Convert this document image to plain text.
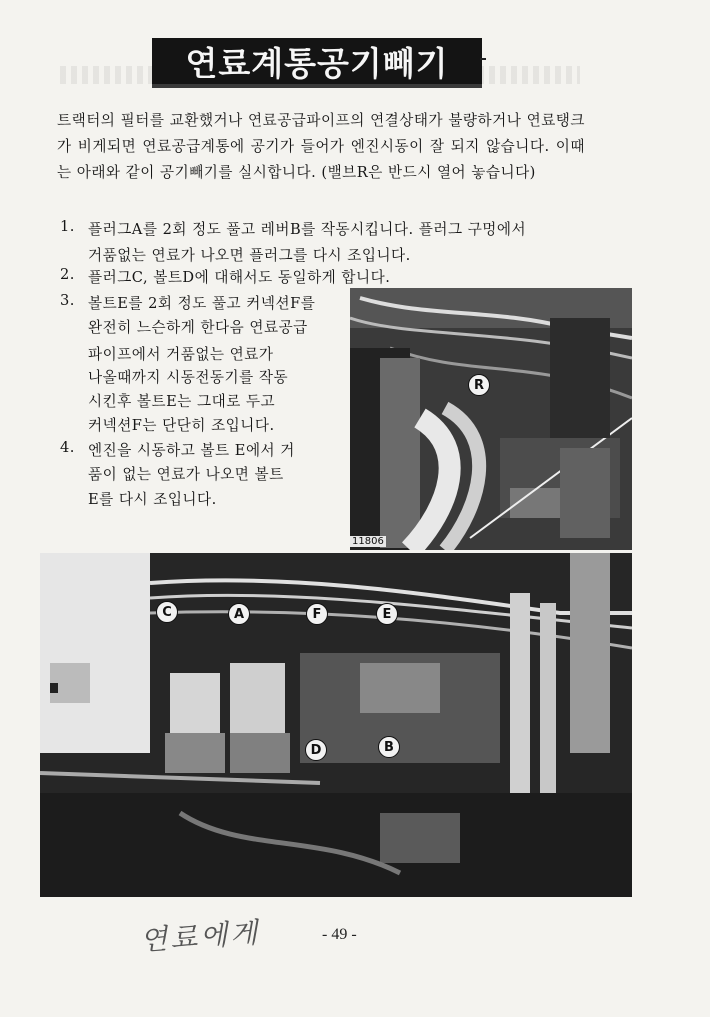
연료계통공기빼기

트랙터의 필터를 교환했거나 연료공급파이프의 연결상태가 불량하거나 연료탱크가 비게되면 연료공급계통에 공기가 들어가 엔진시동이 잘 되지 않습니다. 이때는 아래와 같이 공기빼기를 실시합니다. (밸브R은 반드시 열어 놓습니다)

1. 플러그A를 2회 정도 풀고 레버B를 작동시킵니다. 플러그 구멍에서
거품없는 연료가 나오면 플러그를 다시 조입니다.
2. 플러그C, 볼트D에 대해서도 동일하게 합니다.
3. 볼트E를 2회 정도 풀고 커넥션F를
완전히 느슨하게 한다음 연료공급
파이프에서 거품없는 연료가
나올때까지 시동전동기를 작동
시킨후 볼트E는 그대로 두고
커넥션F는 단단히 조입니다.
4. 엔진을 시동하고 볼트 E에서 거
품이 없는 연료가 나오면 볼트
E를 다시 조입니다.
R
11806
C	A	F	E
D	B
연료에게	- 49 -
